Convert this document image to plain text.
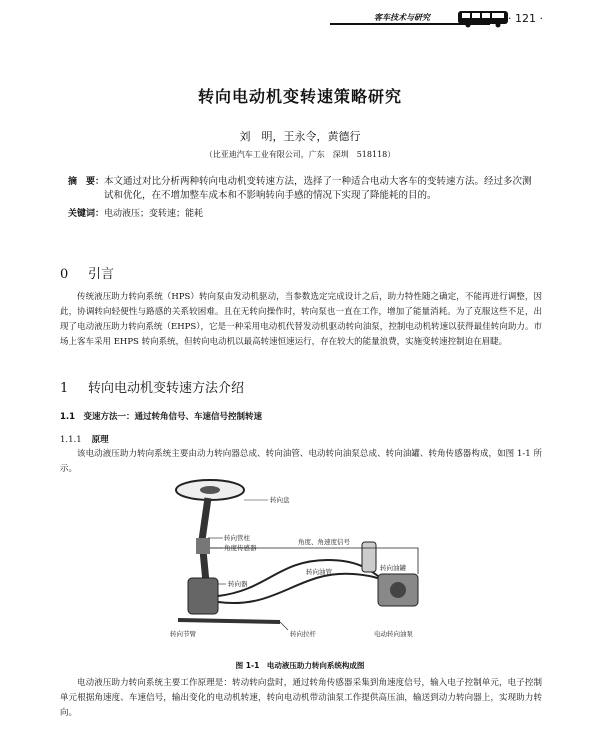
客车技术与研究	· 121 ·
转向电动机变转速策略研究
刘　明，王永令，黄德行
（比亚迪汽车工业有限公司，广东　深圳　518118）
摘　要： 本文通过对比分析两种转向电动机变转速方法，选择了一种适合电动大客车的变转速方法。经过多次测试和优化，在不增加整车成本和不影响转向手感的情况下实现了降能耗的目的。
关键词：电动液压；变转速；能耗
0 引言
传统液压助力转向系统（HPS）转向泵由发动机驱动，当参数选定完成设计之后，助力特性随之确定，不能再进行调整，因此，协调转向轻便性与路感的关系较困难。且在无转向操作时，转向泵也一直在工作，增加了能量消耗。为了克服这些不足，出现了电动液压助力转向系统（EHPS），它是一种采用电动机代替发动机驱动转向油泵，控制电动机转速以获得最佳转向助力。市场上客车采用 EHPS 转向系统，但转向电动机以最高转速恒速运行，存在较大的能量浪费，实施变转速控制迫在眉睫。
1 转向电动机变转速方法介绍
1.1　变速方法一：通过转角信号、车速信号控制转速
1.1.1 原理
该电动液压助力转向系统主要由动力转向器总成、转向油管、电动转向油泵总成、转向油罐、转角传感器构成，如图 1-1 所示。
转向盘
转向管柱
角度传感器
角度、角速度信号
转向油管	转向油罐
转向器
转向节臂	转向拉杆	电动转向油泵
图 1-1　电动液压助力转向系统构成图
电动液压助力转向系统主要工作原理是：转动转向盘时，通过转角传感器采集到角速度信号，输入电子控制单元，电子控制单元根据角速度、车速信号，输出变化的电动机转速，转向电动机带动油泵工作提供高压油，输送到动力转向器上，实现助力转向。
